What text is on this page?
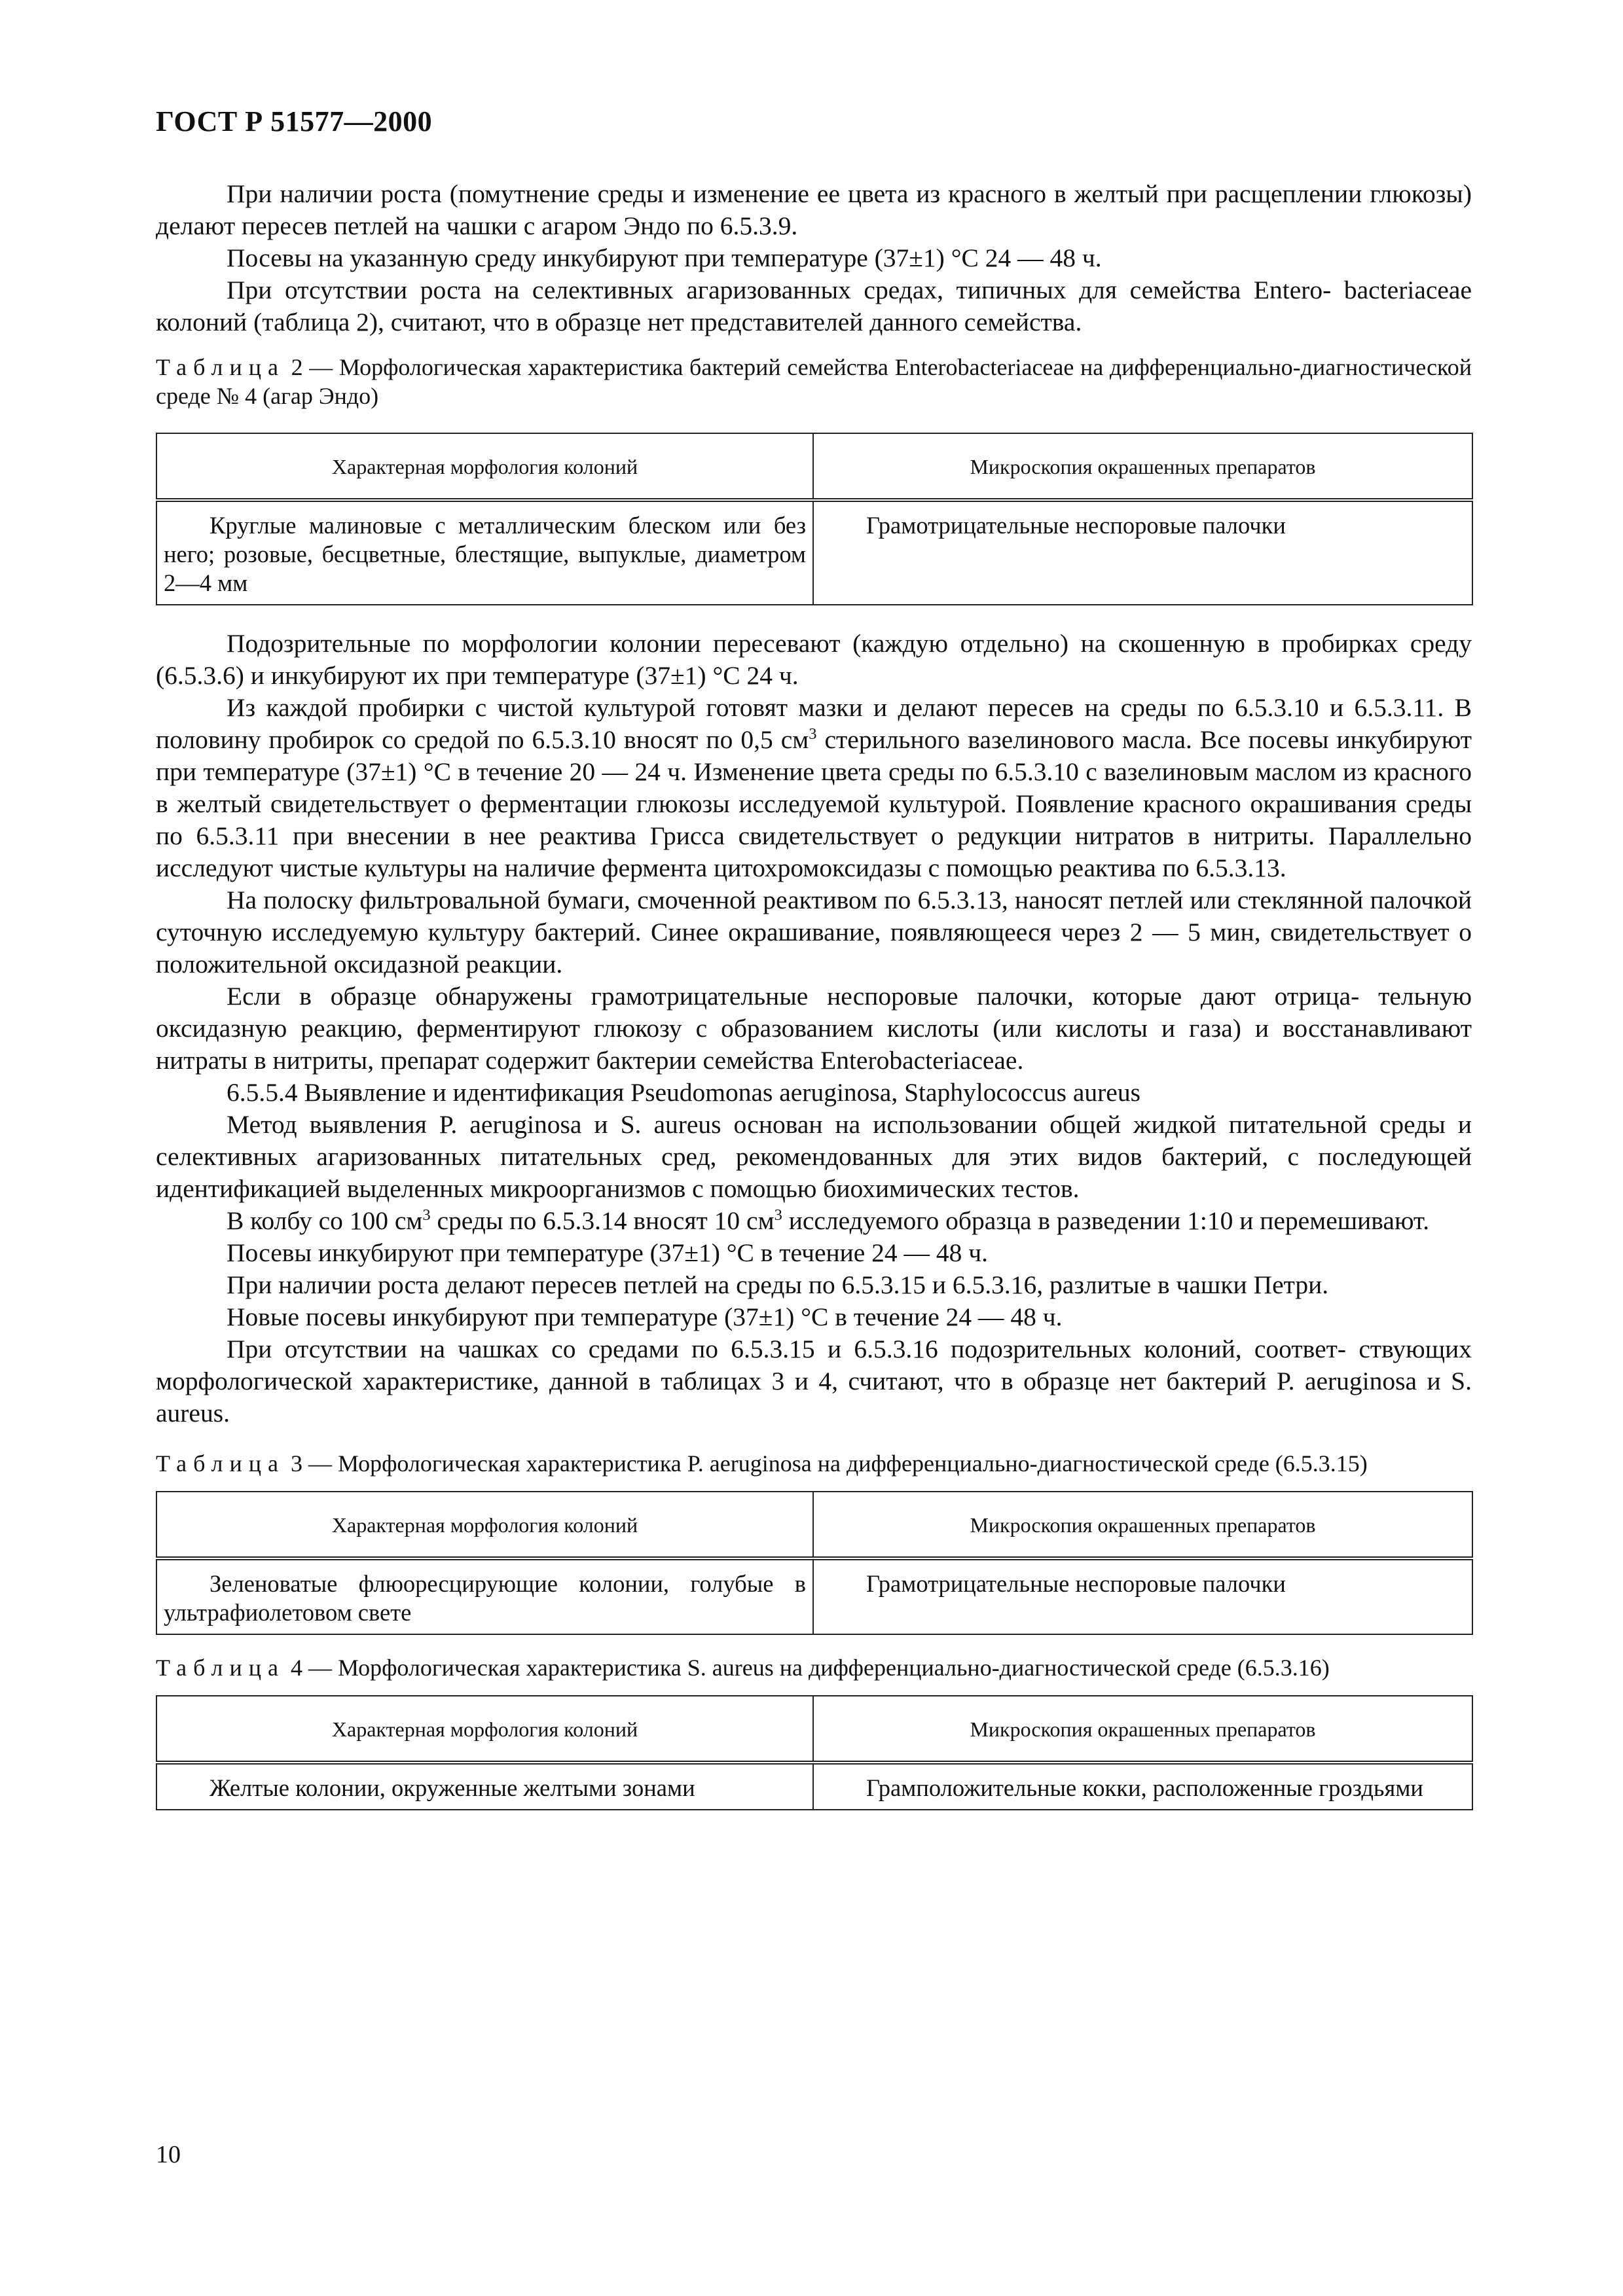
ГОСТ Р 51577—2000

При наличии роста (помутнение среды и изменение ее цвета из красного в желтый при расщеплении глюкозы) делают пересев петлей на чашки с агаром Эндо по 6.5.3.9.

Посевы на указанную среду инкубируют при температуре (37±1) °С 24 — 48 ч.

При отсутствии роста на селективных агаризованных средах, типичных для семейства Entero- bacteriaceae колоний (таблица 2), считают, что в образце нет представителей данного семейства.

Таблица 2 — Морфологическая характеристика бактерий семейства Enterobacteriaceae на дифференциально-диагностической среде № 4 (агар Эндо)

Характерная морфология колоний	Микроскопия окрашенных препаратов

Круглые малиновые с металлическим блеском или без него; розовые, бесцветные, блестящие, выпуклые, диаметром 2—4 мм	Грамотрицательные неспоровые палочки

Подозрительные по морфологии колонии пересевают (каждую отдельно) на скошенную в пробирках среду (6.5.3.6) и инкубируют их при температуре (37±1) °С 24 ч.

Из каждой пробирки с чистой культурой готовят мазки и делают пересев на среды по 6.5.3.10 и 6.5.3.11. В половину пробирок со средой по 6.5.3.10 вносят по 0,5 $см^3$ стерильного вазелинового масла. Все посевы инкубируют при температуре (37±1) °С в течение 20 — 24 ч. Изменение цвета среды по 6.5.3.10 с вазелиновым маслом из красного в желтый свидетельствует о ферментации глюкозы исследуемой культурой. Появление красного окрашивания среды по 6.5.3.11 при внесении в нее реактива Грисса свидетельствует о редукции нитратов в нитриты. Параллельно исследуют чистые культуры на наличие фермента цитохромоксидазы с помощью реактива по 6.5.3.13.

На полоску фильтровальной бумаги, смоченной реактивом по 6.5.3.13, наносят петлей или стеклянной палочкой суточную исследуемую культуру бактерий. Синее окрашивание, появляющееся через 2 — 5 мин, свидетельствует о положительной оксидазной реакции.

Если в образце обнаружены грамотрицательные неспоровые палочки, которые дают отрица- тельную оксидазную реакцию, ферментируют глюкозу с образованием кислоты (или кислоты и газа) и восстанавливают нитраты в нитриты, препарат содержит бактерии семейства Enterobacteriaceae.

6.5.5.4 Выявление и идентификация Pseudomonas aeruginosa, Staphylococcus aureus

Метод выявления P. aeruginosa и S. aureus основан на использовании общей жидкой питательной среды и селективных агаризованных питательных сред, рекомендованных для этих видов бактерий, с последующей идентификацией выделенных микроорганизмов с помощью биохимических тестов.

В колбу со 100 $см^3$ среды по 6.5.3.14 вносят 10 $см^3$ исследуемого образца в разведении 1:10 и перемешивают.

Посевы инкубируют при температуре (37±1) °С в течение 24 — 48 ч.

При наличии роста делают пересев петлей на среды по 6.5.3.15 и 6.5.3.16, разлитые в чашки Петри.

Новые посевы инкубируют при температуре (37±1) °С в течение 24 — 48 ч.

При отсутствии на чашках со средами по 6.5.3.15 и 6.5.3.16 подозрительных колоний, соответ- ствующих морфологической характеристике, данной в таблицах 3 и 4, считают, что в образце нет бактерий P. aeruginosa и S. aureus.

Таблица 3 — Морфологическая характеристика P. aeruginosa на дифференциально-диагностической среде (6.5.3.15)

Характерная морфология колоний	Микроскопия окрашенных препаратов

Зеленоватые флюоресцирующие колонии, голубые в ультрафиолетовом свете	Грамотрицательные неспоровые палочки

Таблица 4 — Морфологическая характеристика S. aureus на дифференциально-диагностической среде (6.5.3.16)

Характерная морфология колоний	Микроскопия окрашенных препаратов

Желтые колонии, окруженные желтыми зонами	Грамположительные кокки, расположенные гроздьями
10
